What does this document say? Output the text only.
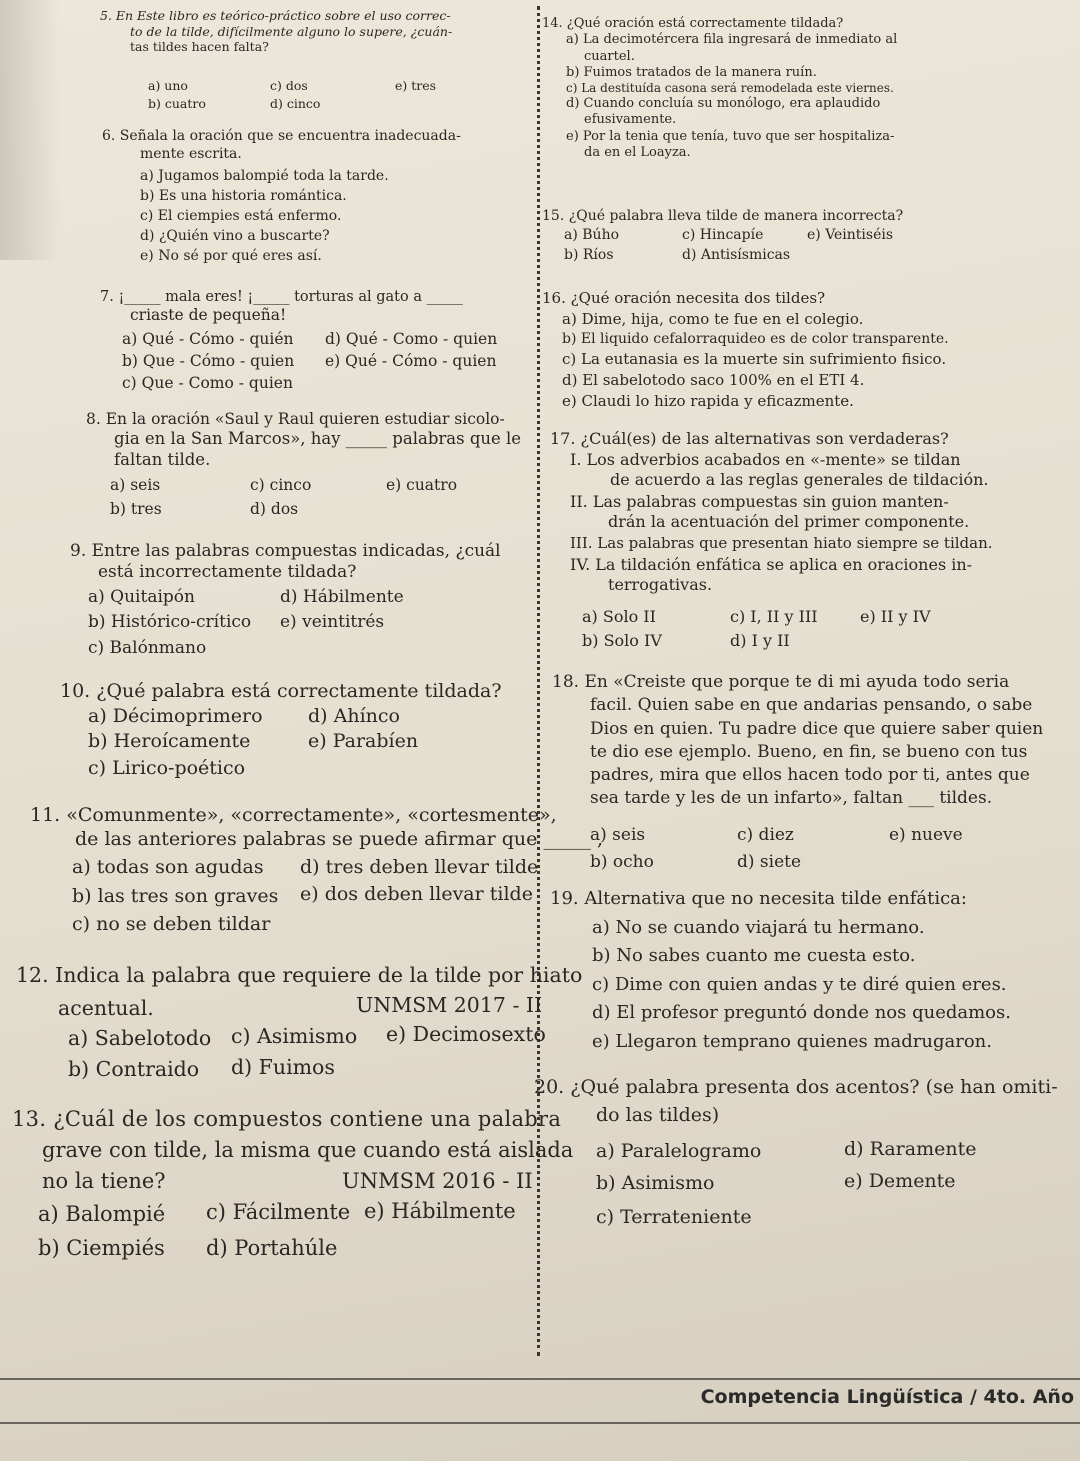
5. En Este libro es teórico-práctico sobre el uso correc-
to de la tilde, difícilmente alguno lo supere, ¿cuán-
tas tildes hacen falta?
a) uno	c) dos	e) tres
b) cuatro	d) cinco
6. Señala la oración que se encuentra inadecuada-
mente escrita.
a) Jugamos balompié toda la tarde.
b) Es una historia romántica.
c) El ciempies está enfermo.
d) ¿Quién vino a buscarte?
e) No sé por qué eres así.
7. ¡_____ mala eres! ¡_____ torturas al gato a _____
criaste de pequeña!
a) Qué - Cómo - quién d) Qué - Como - quien
b) Que - Cómo - quien e) Qué - Cómo - quien
c) Que - Como - quien
8. En la oración «Saul y Raul quieren estudiar sicolo-
gia en la San Marcos», hay _____ palabras que le
faltan tilde.
a) seis	c) cinco	e) cuatro
b) tres	d) dos
9. Entre las palabras compuestas indicadas, ¿cuál
está incorrectamente tildada?
a) Quitaipón	d) Hábilmente
b) Histórico-crítico e) veintitrés
c) Balónmano
10. ¿Qué palabra está correctamente tildada?
a) Décimoprimero d) Ahínco
b) Heroícamente	e) Parabíen
c) Lirico-poético
11. «Comunmente», «correctamente», «cortesmente»,
de las anteriores palabras se puede afirmar que _____ ,
a) todas son agudas d) tres deben llevar tilde
b) las tres son graves e) dos deben llevar tilde
c) no se deben tildar
12. Indica la palabra que requiere de la tilde por hiato
acentual.	UNMSM 2017 - II
a) Sabelotodo c) Asimismo e) Decimosexto
b) Contraido d) Fuimos
13. ¿Cuál de los compuestos contiene una palabra
grave con tilde, la misma que cuando está aislada
no la tiene?	UNMSM 2016 - II
a) Balompié c) Fácilmente e) Hábilmente
b) Ciempiés d) Portahúle
14. ¿Qué oración está correctamente tildada?
a) La decimotércera fila ingresará de inmediato al
cuartel.
b) Fuimos tratados de la manera ruín.
c) La destituída casona será remodelada este viernes.
d) Cuando concluía su monólogo, era aplaudido
efusivamente.
e) Por la tenia que tenía, tuvo que ser hospitaliza-
da en el Loayza.
15. ¿Qué palabra lleva tilde de manera incorrecta?
a) Búho	c) Hincapíe	e) Veintiséis
b) Ríos	d) Antisísmicas
16. ¿Qué oración necesita dos tildes?
a) Dime, hija, como te fue en el colegio.
b) El liquido cefalorraquideo es de color transparente.
c) La eutanasia es la muerte sin sufrimiento fisico.
d) El sabelotodo saco 100% en el ETI 4.
e) Claudi lo hizo rapida y eficazmente.
17. ¿Cuál(es) de las alternativas son verdaderas?
I. Los adverbios acabados en «-mente» se tildan
de acuerdo a las reglas generales de tildación.
II. Las palabras compuestas sin guion manten-
drán la acentuación del primer componente.
III. Las palabras que presentan hiato siempre se tildan.
IV. La tildación enfática se aplica en oraciones in-
terrogativas.
a) Solo II	c) I, II y III	e) II y IV
b) Solo IV	d) I y II
18. En «Creiste que porque te di mi ayuda todo seria
facil. Quien sabe en que andarias pensando, o sabe
Dios en quien. Tu padre dice que quiere saber quien
te dio ese ejemplo. Bueno, en fin, se bueno con tus
padres, mira que ellos hacen todo por ti, antes que
sea tarde y les de un infarto», faltan ___ tildes.
a) seis	c) diez	e) nueve
b) ocho	d) siete
19. Alternativa que no necesita tilde enfática:
a) No se cuando viajará tu hermano.
b) No sabes cuanto me cuesta esto.
c) Dime con quien andas y te diré quien eres.
d) El profesor preguntó donde nos quedamos.
e) Llegaron temprano quienes madrugaron.
20. ¿Qué palabra presenta dos acentos? (se han omiti-
do las tildes)
a) Paralelogramo	d) Raramente
b) Asimismo	e) Demente
c) Terrateniente
Competencia Lingüística / 4to. Año
